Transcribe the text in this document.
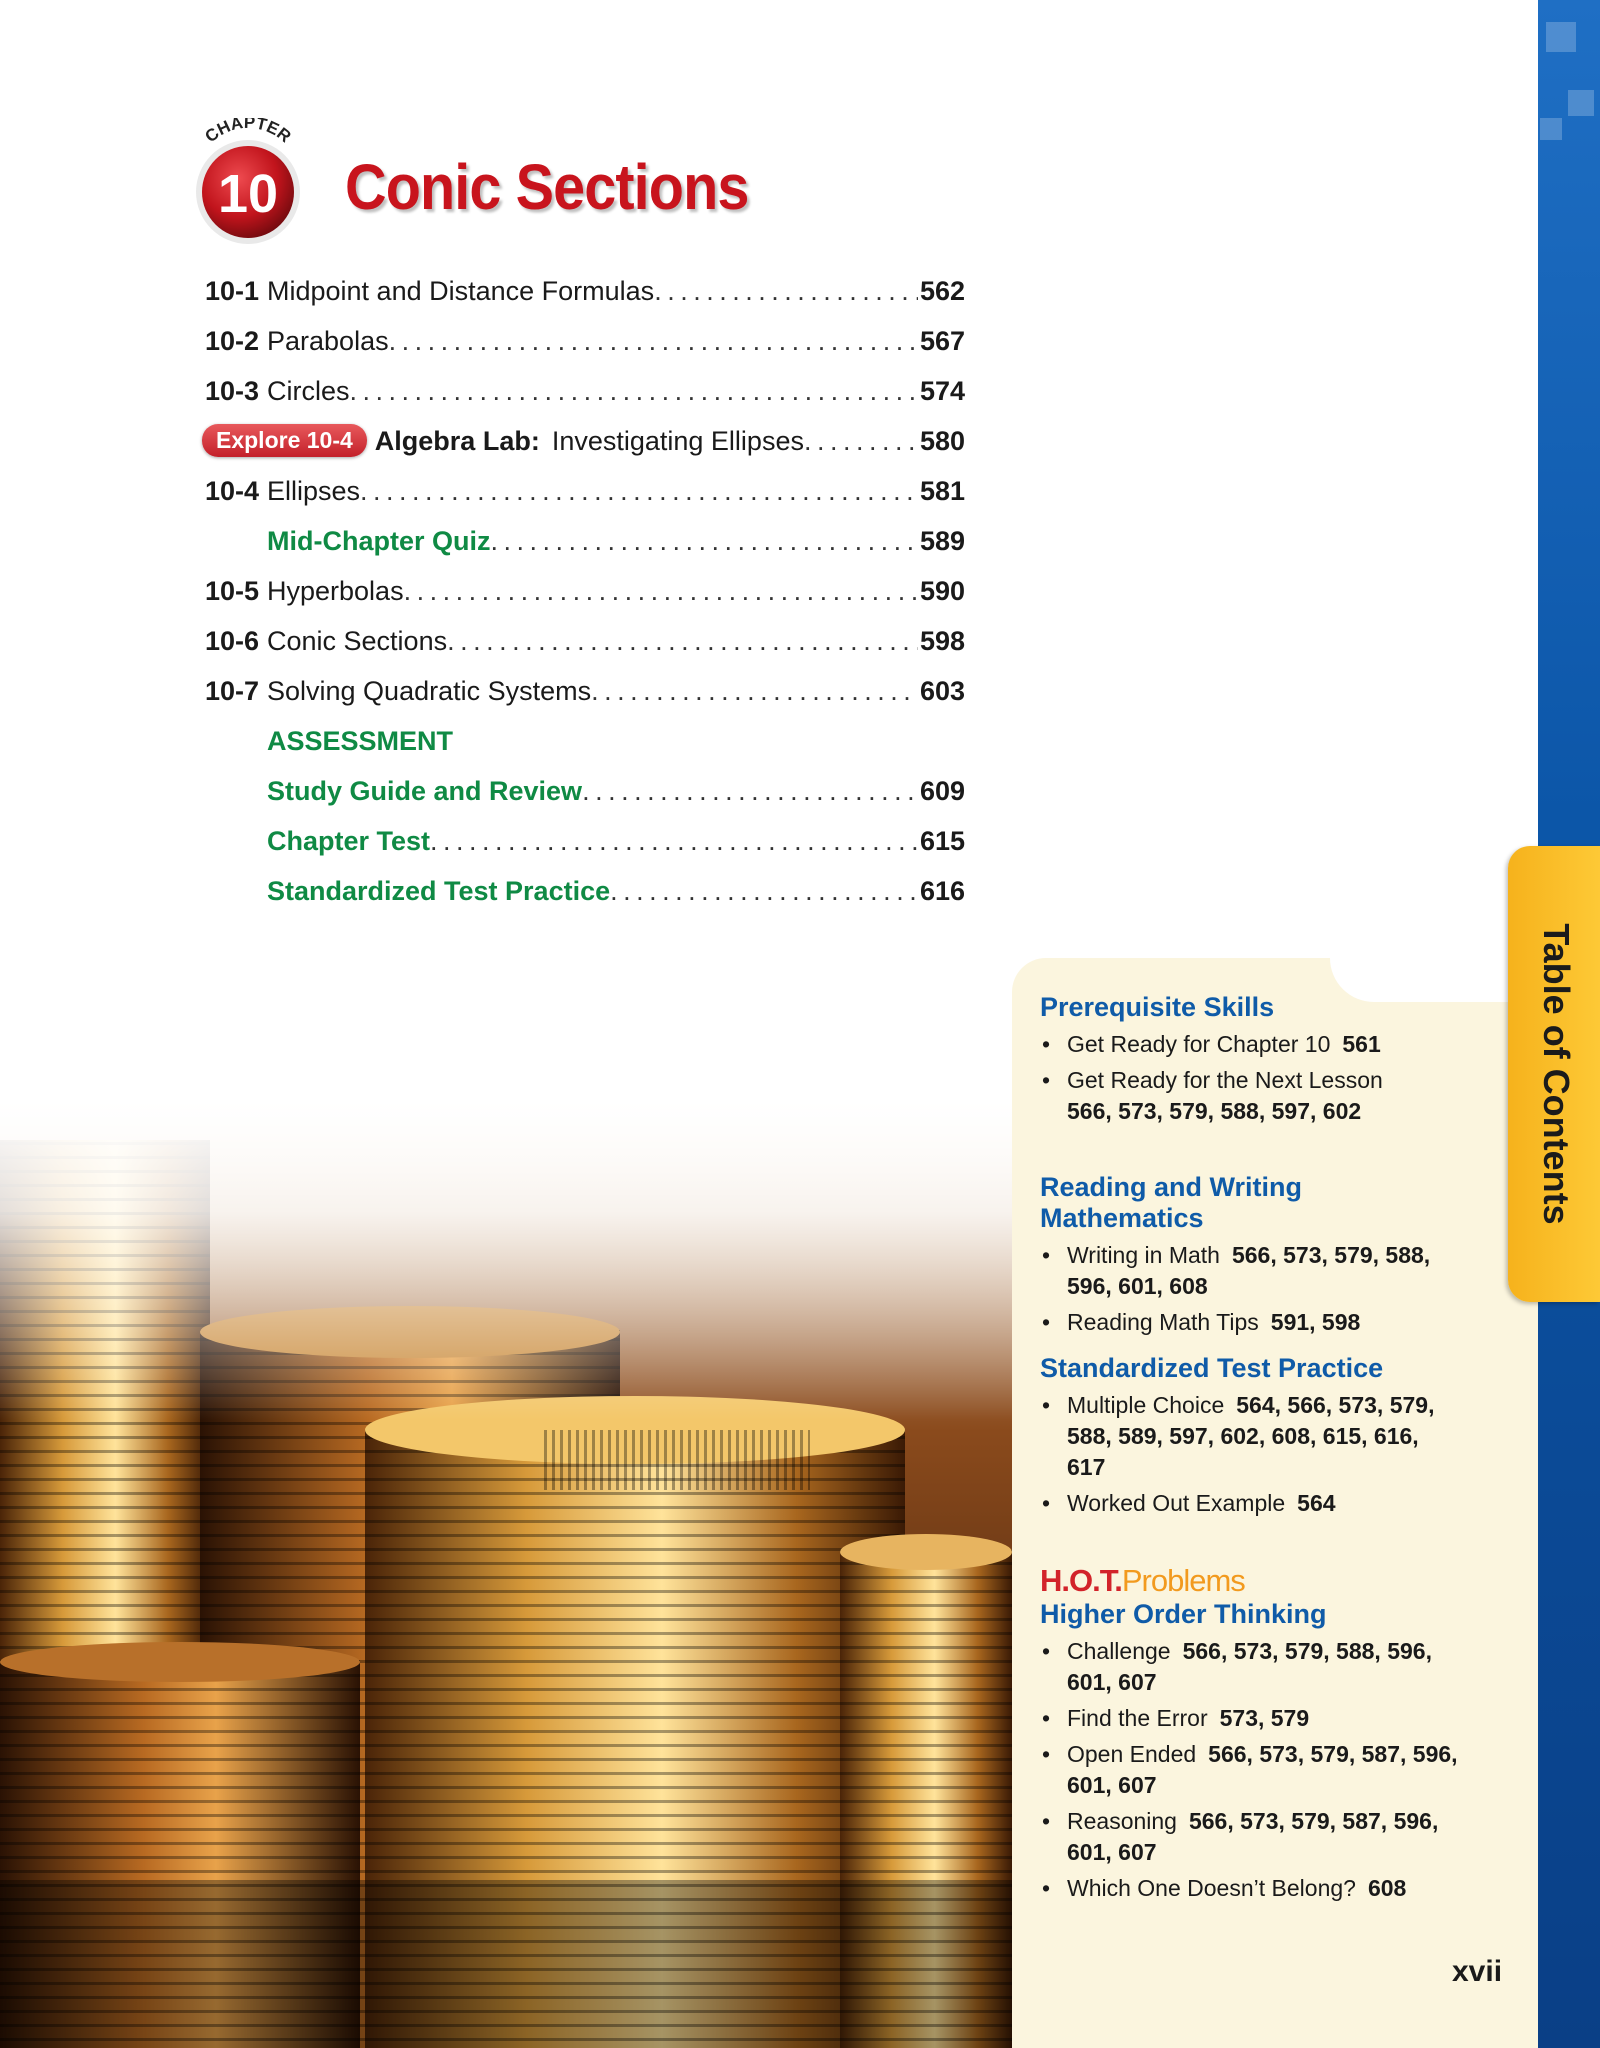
Table of Contents
CHAPTER
10 Conic Sections
10-1 Midpoint and Distance Formulas . . .	562
10-2 Parabolas . . .	567
10-3 Circles . . .	574
Explore 10-4 Algebra Lab: Investigating Ellipses . . .	580
10-4 Ellipses . . .	581
Mid-Chapter Quiz . . .	589
10-5 Hyperbolas . . .	590
10-6 Conic Sections . . .	598
10-7 Solving Quadratic Systems . . .	603
ASSESSMENT
Study Guide and Review . . .	609
Chapter Test . . .	615
Standardized Test Practice . . .	616
Prerequisite Skills
• Get Ready for Chapter 10 561
• Get Ready for the Next Lesson
566, 573, 579, 588, 597, 602
Reading and Writing Mathematics
• Writing in Math 566, 573, 579, 588, 596, 601, 608
• Reading Math Tips 591, 598
Standardized Test Practice
• Multiple Choice 564, 566, 573, 579, 588, 589, 597, 602, 608, 615, 616, 617
• Worked Out Example 564
H.O.T.Problems
Higher Order Thinking
• Challenge 566, 573, 579, 588, 596, 601, 607
• Find the Error 573, 579
• Open Ended 566, 573, 579, 587, 596, 601, 607
• Reasoning 566, 573, 579, 587, 596, 601, 607
• Which One Doesn’t Belong? 608
xvii
